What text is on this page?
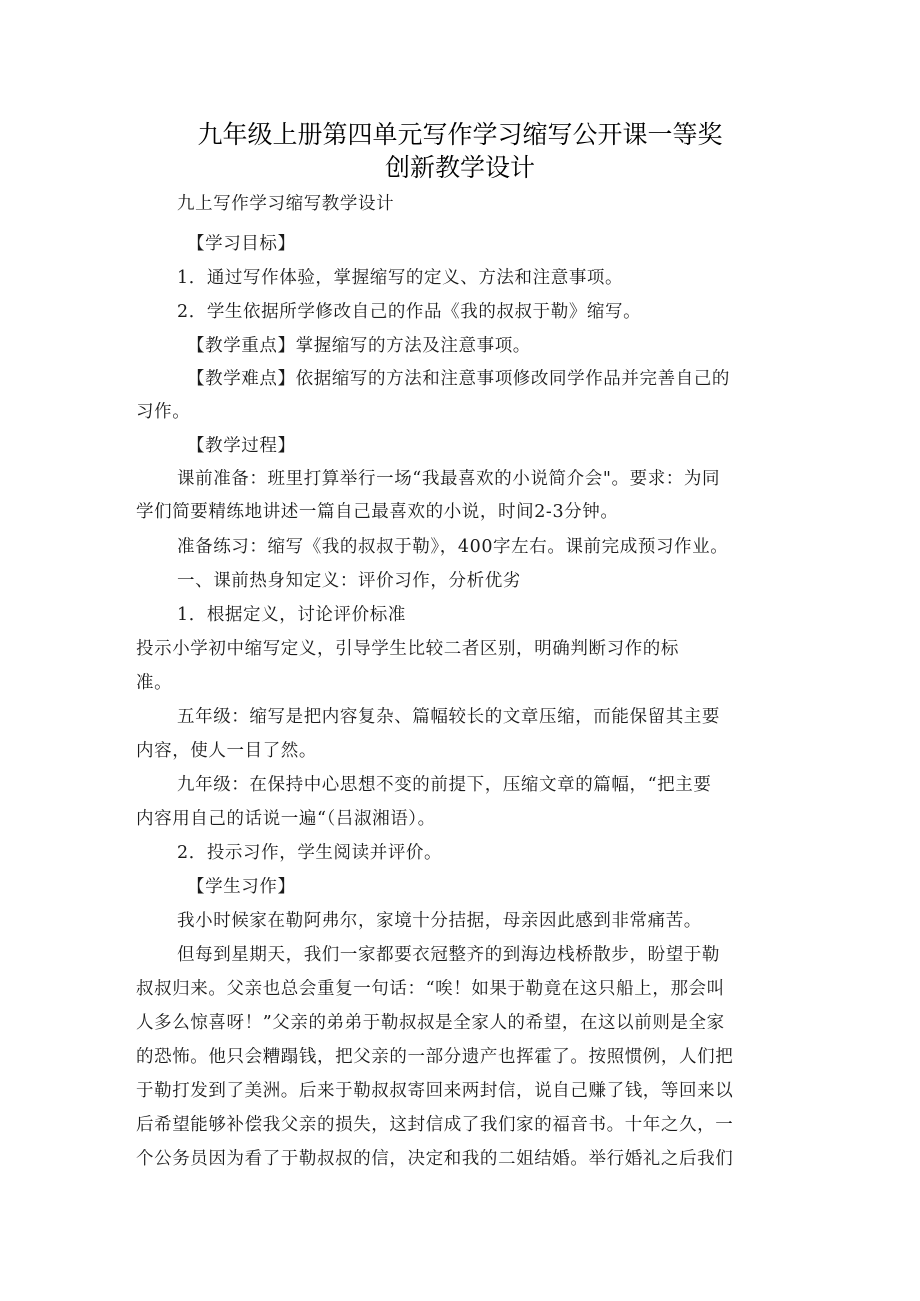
九年级上册第四单元写作学习缩写公开课一等奖
创新教学设计
九上写作学习缩写教学设计
【学习目标】
1．通过写作体验，掌握缩写的定义、方法和注意事项。
2．学生依据所学修改自己的作品《我的叔叔于勒》缩写。
【教学重点】掌握缩写的方法及注意事项。
【教学难点】依据缩写的方法和注意事项修改同学作品并完善自己的
习作。
【教学过程】
课前准备：班里打算举行一场“我最喜欢的小说简介会"。要求：为同
学们简要精练地讲述一篇自己最喜欢的小说，时间2-3分钟。
准备练习：缩写《我的叔叔于勒》，400字左右。课前完成预习作业。
一、课前热身知定义：评价习作，分析优劣
1．根据定义，讨论评价标准
投示小学初中缩写定义，引导学生比较二者区别，明确判断习作的标
准。
五年级：缩写是把内容复杂、篇幅较长的文章压缩，而能保留其主要
内容，使人一目了然。
九年级：在保持中心思想不变的前提下，压缩文章的篇幅，“把主要
内容用自己的话说一遍“（吕淑湘语）。
2．投示习作，学生阅读并评价。
【学生习作】
我小时候家在勒阿弗尔，家境十分拮据，母亲因此感到非常痛苦。
但每到星期天，我们一家都要衣冠整齐的到海边栈桥散步，盼望于勒
叔叔归来。父亲也总会重复一句话：“唉！如果于勒竟在这只船上，那会叫
人多么惊喜呀！”父亲的弟弟于勒叔叔是全家人的希望，在这以前则是全家
的恐怖。他只会糟蹋钱，把父亲的一部分遗产也挥霍了。按照惯例，人们把
于勒打发到了美洲。后来于勒叔叔寄回来两封信，说自己赚了钱，等回来以
后希望能够补偿我父亲的损失，这封信成了我们家的福音书。十年之久，一
个公务员因为看了于勒叔叔的信，决定和我的二姐结婚。举行婚礼之后我们
